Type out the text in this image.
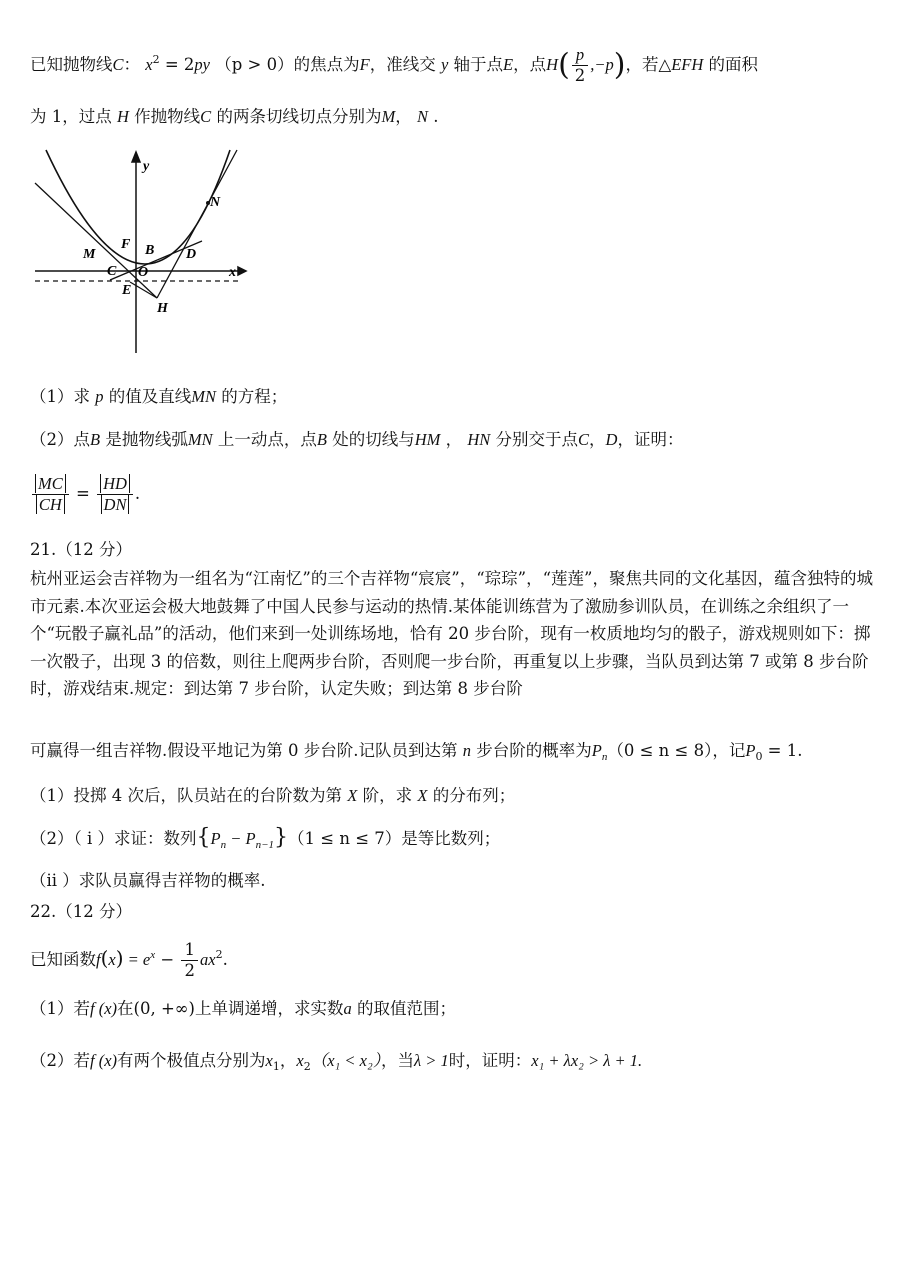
已知抛物线C： $x^2 = 2py$ （p > 0）的焦点为F，准线交 y 轴于点E，点$H( \frac{p}{2} ,-p)$，若△EFH 的面积
为 1，过点 H 作抛物线C 的两条切线切点分别为M， N .
y
x
M
N
F B D
C O
E
H
（1）求 p 的值及直线MN 的方程；
（2）点B 是抛物线弧MN 上一动点，点B 处的切线与HM ， HN 分别交于点C，D，证明：
$\frac{MC}{CH} = \frac{HD}{DN}$ .
21.（12 分）
杭州亚运会吉祥物为一组名为“江南忆”的三个吉祥物“宸宸”，“琮琮”，“莲莲”，聚焦共同的文化基因，蕴含独特的城市元素.本次亚运会极大地鼓舞了中国人民参与运动的热情.某体能训练营为了激励参训队员，在训练之余组织了一个“玩骰子赢礼品”的活动，他们来到一处训练场地，恰有 20 步台阶，现有一枚质地均匀的骰子，游戏规则如下：掷一次骰子，出现 3 的倍数，则往上爬两步台阶，否则爬一步台阶，再重复以上步骤，当队员到达第 7 或第 8 步台阶时，游戏结束.规定：到达第 7 步台阶，认定失败；到达第 8 步台阶
可赢得一组吉祥物.假设平地记为第 0 步台阶.记队员到达第 n 步台阶的概率为$P_n(0 \le n \le 8)$，记$P_0 = 1$.
（1）投掷 4 次后，队员站在的台阶数为第 X 阶，求 X 的分布列；
（2）（ i ）求证：数列$\{P_n - P_{n-1}\}(1 \le n \le 7)$是等比数列；
（ii ）求队员赢得吉祥物的概率.
22.（12 分）
已知函数$f(x) = e^x - \frac{1}{2} ax^2$.
（1）若f (x)在(0, +∞)上单调递增，求实数a 的取值范围；
（2）若f (x)有两个极值点分别为$x_1$，$x_2(x_1 < x_2)$，当λ > 1时，证明：x₁ + λx₂ > λ + 1.
